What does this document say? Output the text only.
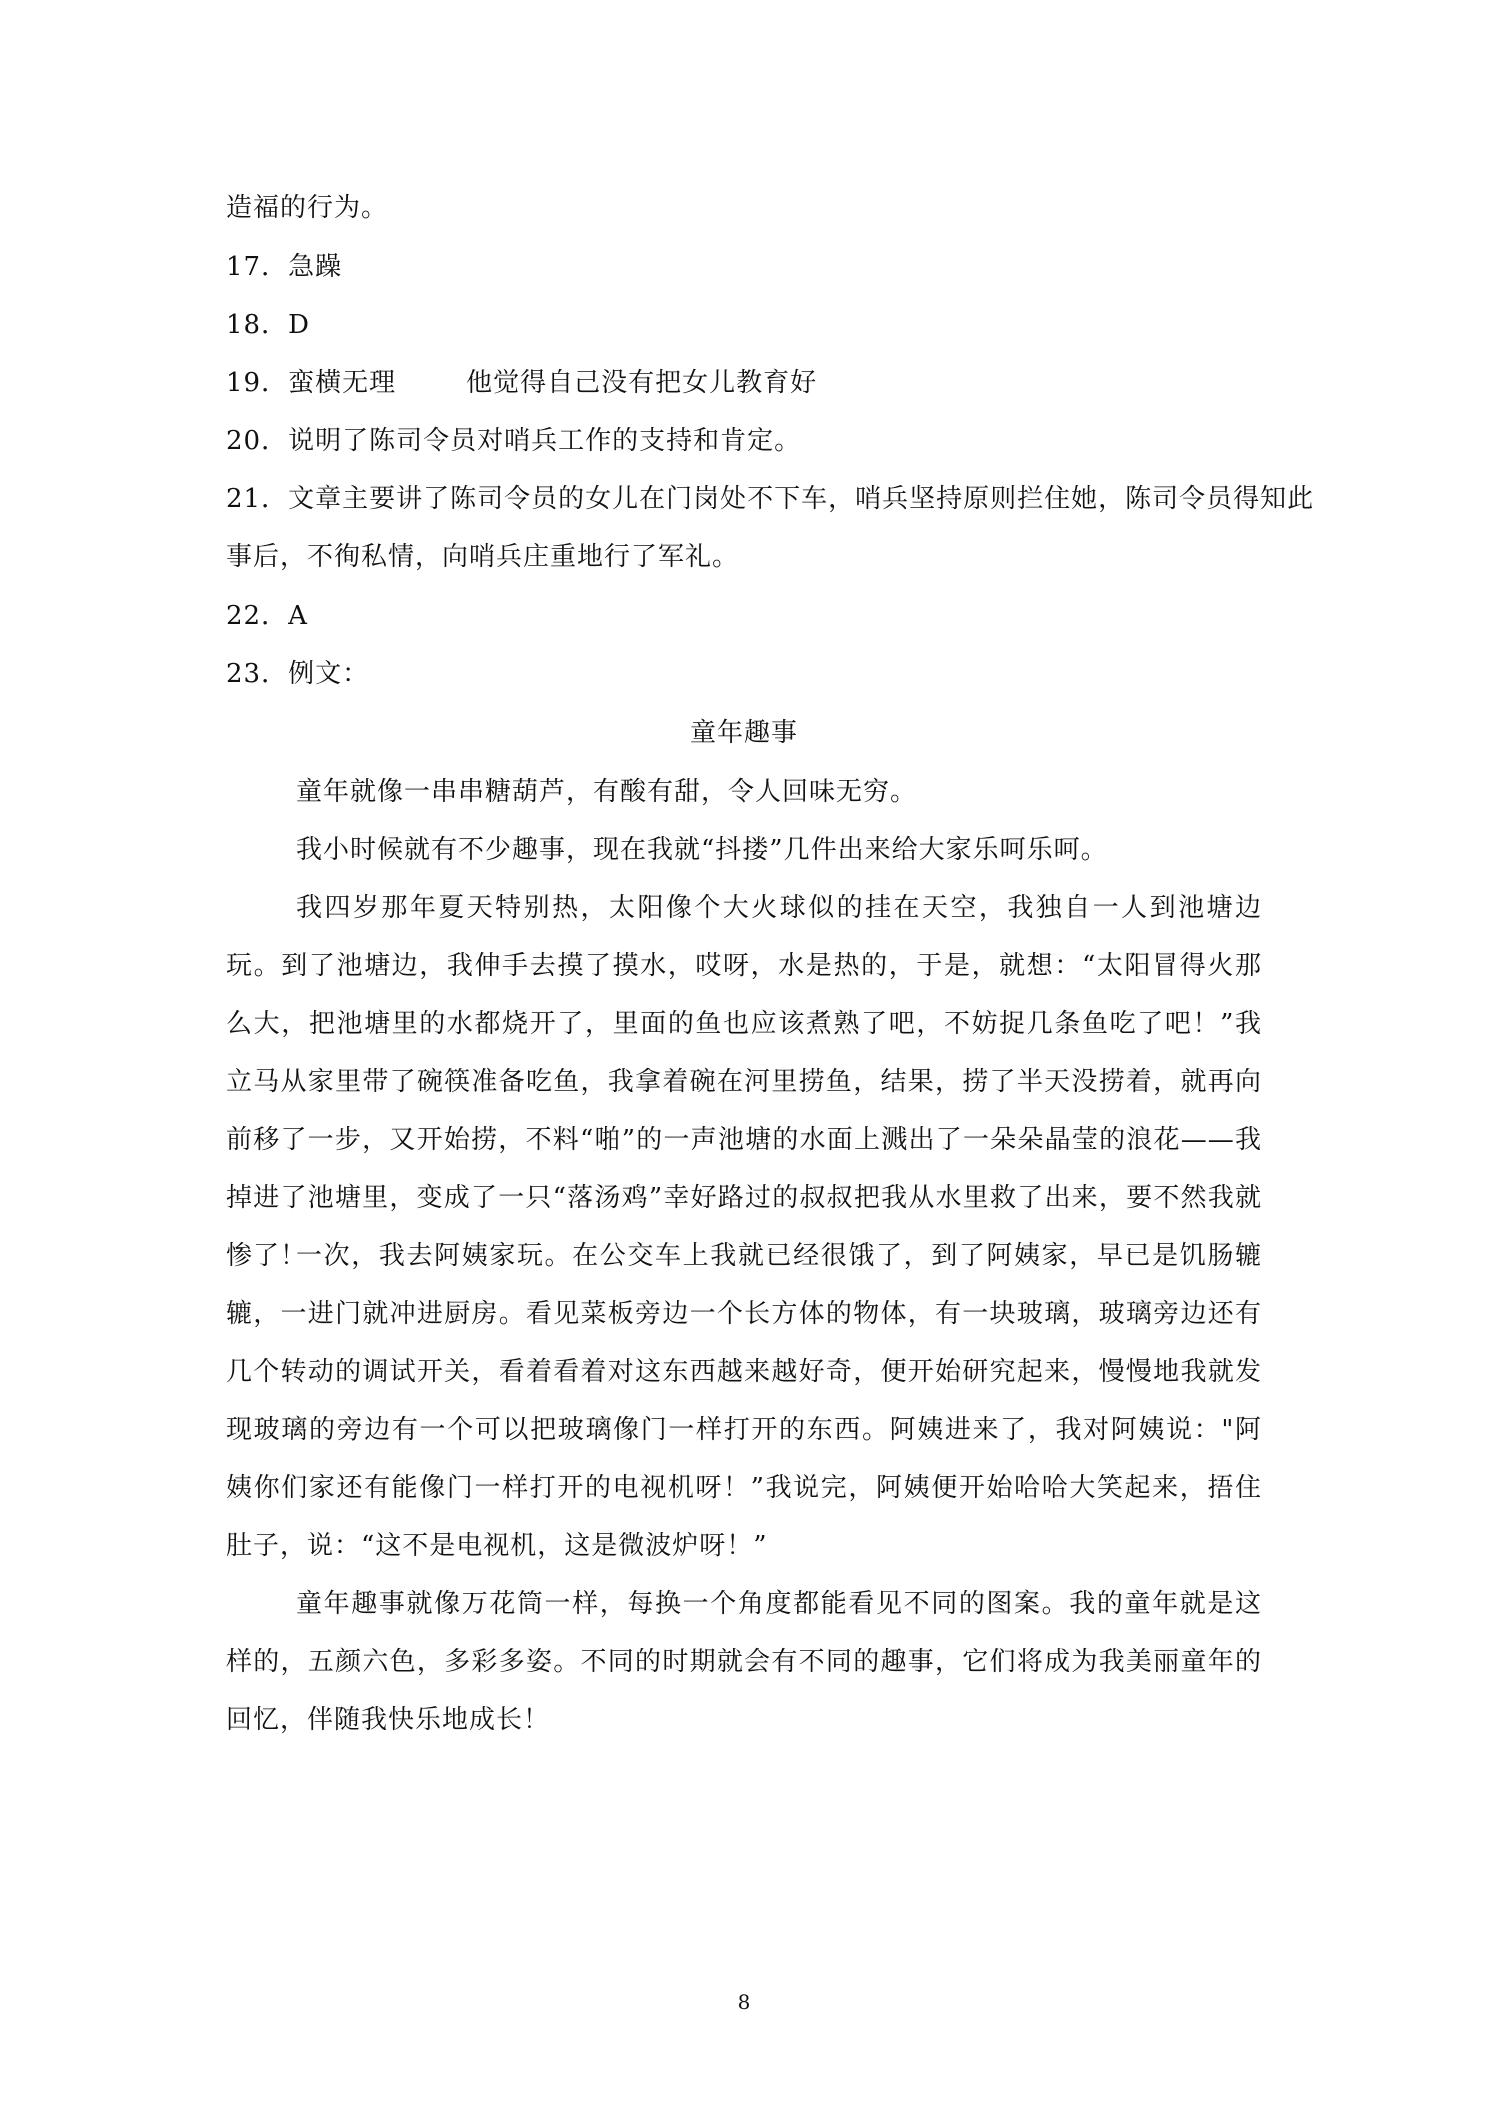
造福的行为。
17．急躁
18．D
19．蛮横无理	他觉得自己没有把女儿教育好
20．说明了陈司令员对哨兵工作的支持和肯定。
21．文章主要讲了陈司令员的女儿在门岗处不下车，哨兵坚持原则拦住她，陈司令员得知此
事后，不徇私情，向哨兵庄重地行了军礼。
22．A
23．例文：
童年趣事
童年就像一串串糖葫芦，有酸有甜，令人回味无穷。
我小时候就有不少趣事，现在我就“抖搂”几件出来给大家乐呵乐呵。
我四岁那年夏天特别热，太阳像个大火球似的挂在天空，我独自一人到池塘边玩。到了池塘边，我伸手去摸了摸水，哎呀，水是热的，于是，就想：“太阳冒得火那么大，把池塘里的水都烧开了，里面的鱼也应该煮熟了吧，不妨捉几条鱼吃了吧！”我立马从家里带了碗筷准备吃鱼，我拿着碗在河里捞鱼，结果，捞了半天没捞着，就再向前移了一步，又开始捞，不料“啪”的一声池塘的水面上溅出了一朵朵晶莹的浪花——我掉进了池塘里，变成了一只“落汤鸡”幸好路过的叔叔把我从水里救了出来，要不然我就惨了！
一次，我去阿姨家玩。在公交车上我就已经很饿了，到了阿姨家，早已是饥肠辘辘，一进门就冲进厨房。看见菜板旁边一个长方体的物体，有一块玻璃，玻璃旁边还有几个转动的调试开关，看着看着对这东西越来越好奇，便开始研究起来，慢慢地我就发现玻璃的旁边有一个可以把玻璃像门一样打开的东西。阿姨进来了，我对阿姨说："阿姨你们家还有能像门一样打开的电视机呀！”我说完，阿姨便开始哈哈大笑起来，捂住肚子，说：“这不是电视机，这是微波炉呀！”
童年趣事就像万花筒一样，每换一个角度都能看见不同的图案。我的童年就是这样的，五颜六色，多彩多姿。不同的时期就会有不同的趣事，它们将成为我美丽童年的回忆，伴随我快乐地成长！
8
